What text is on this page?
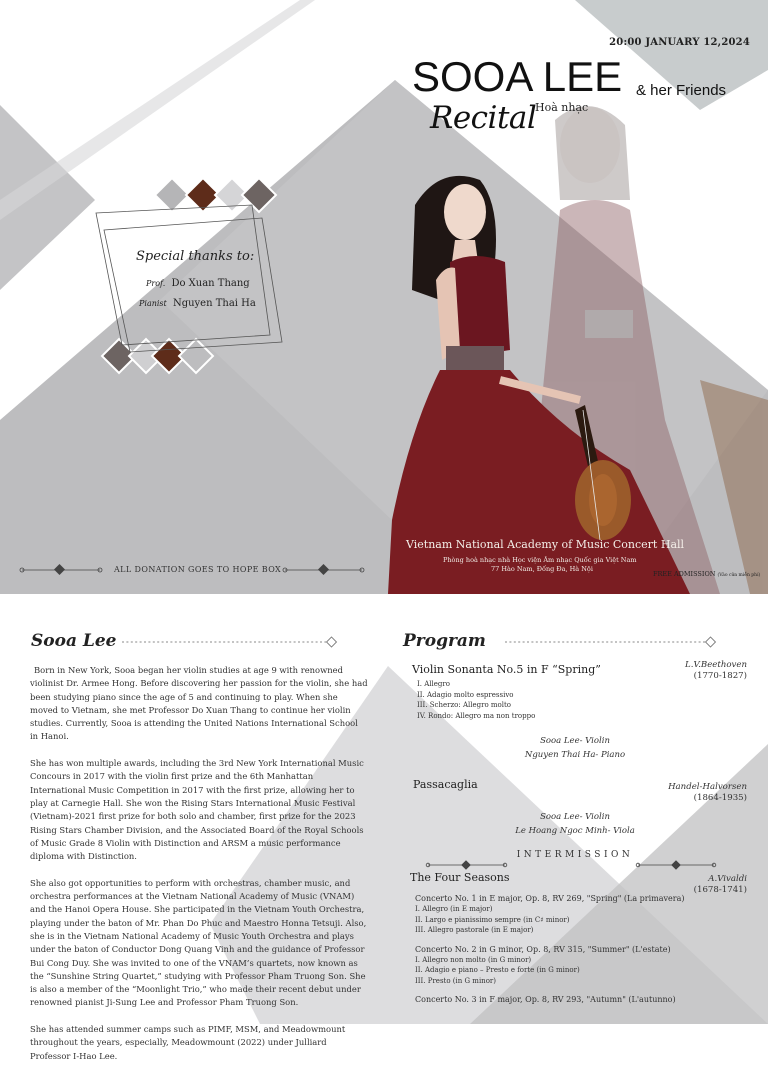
20:00 JANUARY 12,2024
SOOA LEE & her Friends
Recital
Hoà nhạc
Special thanks to:
Prof. Do Xuan Thang
Pianist Nguyen Thai Ha
Vietnam National Academy of Music Concert Hall
Phòng hoà nhạc nhà Học viện Âm nhạc Quốc gia Việt Nam
77 Hào Nam, Đống Đa, Hà Nội
FREE ADMISSION (Vào cửa miễn phí)
ALL DONATION GOES TO HOPE BOX
Sooa Lee	Program

Born in New York, Sooa began her violin studies at age 9 with renowned violinist Dr. Armee Hong. Before discovering her passion for the violin, she had been studying piano since the age of 5 and continuing to play. When she moved to Vietnam, she met Professor Do Xuan Thang to continue her violin studies. Currently, Sooa is attending the United Nations International School in Hanoi.

She has won multiple awards, including the 3rd New York International Music Concours in 2017 with the violin first prize and the 6th Manhattan International Music Competition in 2017 with the first prize, allowing her to play at Carnegie Hall. She won the Rising Stars International Music Festival (Vietnam)-2021 first prize for both solo and chamber, first prize for the 2023 Rising Stars Chamber Division, and the Associated Board of the Royal Schools of Music Grade 8 Violin with Distinction and ARSM a music performance diploma with Distinction.

She also got opportunities to perform with orchestras, chamber music, and orchestra performances at the Vietnam National Academy of Music (VNAM) and the Hanoi Opera House. She participated in the Vietnam Youth Orchestra, playing under the baton of Mr. Phan Do Phuc and Maestro Honna Tetsuji. Also, she is in the Vietnam National Academy of Music Youth Orchestra and plays under the baton of Conductor Dong Quang Vinh and the guidance of Professor Bui Cong Duy. She was invited to one of the VNAM’s quartets, now known as the “Sunshine String Quartet,” studying with Professor Pham Truong Son. She is also a member of the “Moonlight Trio,” who made their recent debut under renowned pianist Ji-Sung Lee and Professor Pham Truong Son.

She has attended summer camps such as PIMF, MSM, and Meadowmount throughout the years, especially, Meadowmount (2022) under Julliard Professor I-Hao Lee.

Violin Sonanta No.5 in F “Spring”	L.V.Beethoven
(1770-1827)
I. Allegro
II. Adagio molto espressivo
III. Scherzo: Allegro molto
IV. Rondo: Allegro ma non troppo
Sooa Lee- Violin
Nguyen Thai Ha- Piano
Passacaglia	Handel-Halvorsen
(1864-1935)
Sooa Lee- Violin
Le Hoang Ngoc Minh- Viola
INTERMISSION
The Four Seasons	A.Vivaldi
(1678-1741)
Concerto No. 1 in E major, Op. 8, RV 269, "Spring" (La primavera)
I. Allegro (in E major)
II. Largo e pianissimo sempre (in C♯ minor)
III. Allegro pastorale (in E major)
Concerto No. 2 in G minor, Op. 8, RV 315, "Summer" (L'estate)
I. Allegro non molto (in G minor)
II. Adagio e piano – Presto e forte (in G minor)
III. Presto (in G minor)
Concerto No. 3 in F major, Op. 8, RV 293, "Autumn" (L'autunno)
